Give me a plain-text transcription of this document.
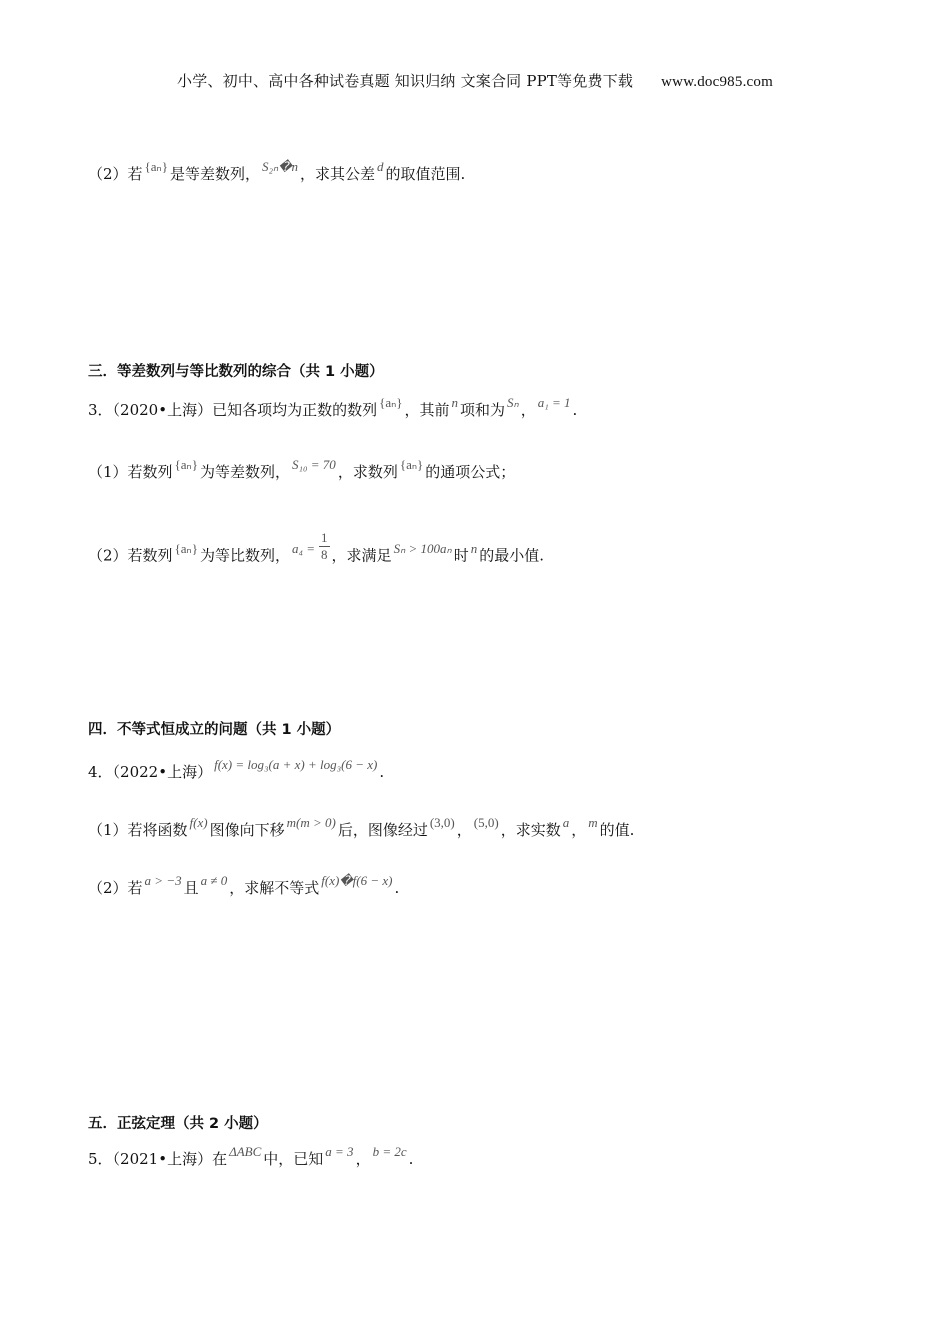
小学、初中、高中各种试卷真题 知识归纳 文案合同 PPT等免费下载 www.doc985.com
（2）若 {aₙ} 是等差数列， S₂ₙ�n ，求其公差 d 的取值范围.
三．等差数列与等比数列的综合（共 1 小题）
3．（2020•上海）已知各项均为正数的数列 {aₙ} ，其前 n 项和为 Sₙ ， a₁ = 1 .
（1）若数列 {aₙ} 为等差数列， S₁₀ = 70 ，求数列 {aₙ} 的通项公式；
（2）若数列 {aₙ} 为等比数列， $a_4 = \frac{1}{8}$ ，求满足 Sₙ > 100aₙ 时 n 的最小值.
四．不等式恒成立的问题（共 1 小题）
4．（2022•上海） f(x) = log₃(a + x) + log₃(6 − x) .
（1）若将函数 f(x) 图像向下移 m(m > 0) 后，图像经过 (3,0) ， (5,0) ，求实数 a ， m 的值.
（2）若 a > −3 且 a ≠ 0 ，求解不等式 f(x)�f(6 − x) .
五．正弦定理（共 2 小题）
5．（2021•上海）在 ΔABC 中，已知 a = 3 ， b = 2c .
